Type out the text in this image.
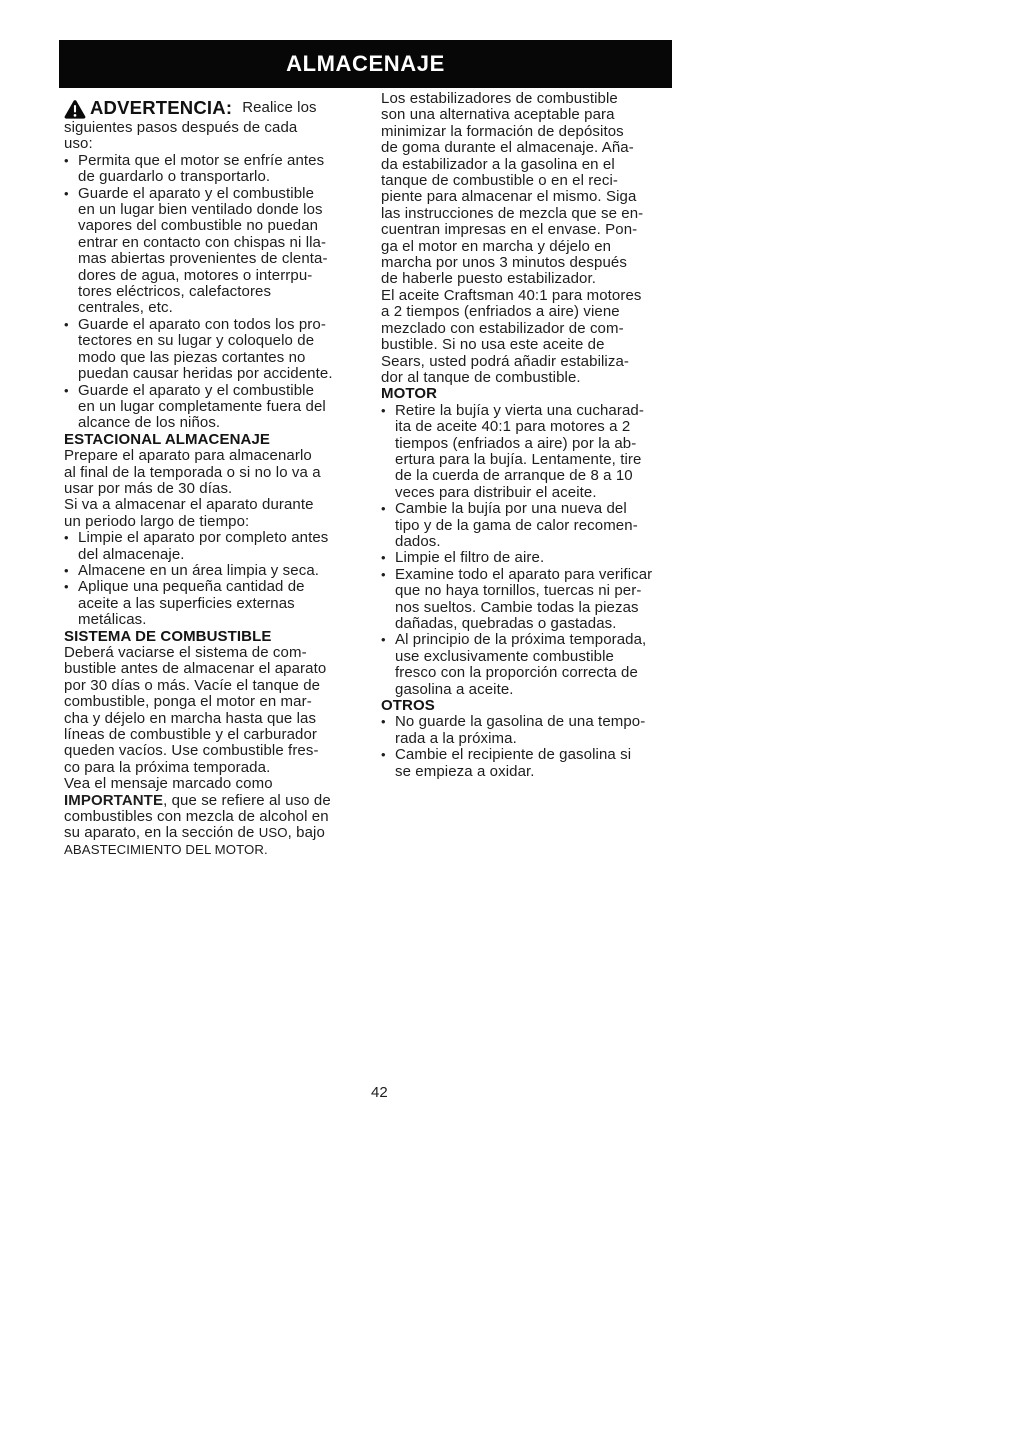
ALMACENAJE
ADVERTENCIA: Realice los
siguientes pasos después de cada
uso:
• Permita que el motor se enfríe antes
de guardarlo o transportarlo.
• Guarde el aparato y el combustible
en un lugar bien ventilado donde los
vapores del combustible no puedan
entrar en contacto con chispas ni lla-
mas abiertas provenientes de clenta-
dores de agua, motores o interrpu-
tores eléctricos, calefactores
centrales, etc.
• Guarde el aparato con todos los pro-
tectores en su lugar y coloquelo de
modo que las piezas cortantes no
puedan causar heridas por accidente.
• Guarde el aparato y el combustible
en un lugar completamente fuera del
alcance de los niños.
ESTACIONAL ALMACENAJE
Prepare el aparato para almacenarlo
al final de la temporada o si no lo va a
usar por más de 30 días.
Si va a almacenar el aparato durante
un periodo largo de tiempo:
• Limpie el aparato por completo antes
del almacenaje.
• Almacene en un área limpia y seca.
• Aplique una pequeña cantidad de
aceite a las superficies externas
metálicas.
SISTEMA DE COMBUSTIBLE
Deberá vaciarse el sistema de com-
bustible antes de almacenar el aparato
por 30 días o más. Vacíe el tanque de
combustible, ponga el motor en mar-
cha y déjelo en marcha hasta que las
líneas de combustible y el carburador
queden vacíos. Use combustible fres-
co para la próxima temporada.
Vea el mensaje marcado como
IMPORTANTE, que se refiere al uso de
combustibles con mezcla de alcohol en
su aparato, en la sección de USO, bajo
ABASTECIMIENTO DEL MOTOR.
Los estabilizadores de combustible
son una alternativa aceptable para
minimizar la formación de depósitos
de goma durante el almacenaje. Aña-
da estabilizador a la gasolina en el
tanque de combustible o en el reci-
piente para almacenar el mismo. Siga
las instrucciones de mezcla que se en-
cuentran impresas en el envase. Pon-
ga el motor en marcha y déjelo en
marcha por unos 3 minutos después
de haberle puesto estabilizador.
El aceite Craftsman 40:1 para motores
a 2 tiempos (enfriados a aire) viene
mezclado con estabilizador de com-
bustible. Si no usa este aceite de
Sears, usted podrá añadir estabiliza-
dor al tanque de combustible.
MOTOR
• Retire la bujía y vierta una cucharad-
ita de aceite 40:1 para motores a 2
tiempos (enfriados a aire) por la ab-
ertura para la bujía. Lentamente, tire
de la cuerda de arranque de 8 a 10
veces para distribuir el aceite.
• Cambie la bujía por una nueva del
tipo y de la gama de calor recomen-
dados.
• Limpie el filtro de aire.
• Examine todo el aparato para verificar
que no haya tornillos, tuercas ni per-
nos sueltos. Cambie todas la piezas
dañadas, quebradas o gastadas.
• Al principio de la próxima temporada,
use exclusivamente combustible
fresco con la proporción correcta de
gasolina a aceite.
OTROS
• No guarde la gasolina de una tempo-
rada a la próxima.
• Cambie el recipiente de gasolina si
se empieza a oxidar.
42
